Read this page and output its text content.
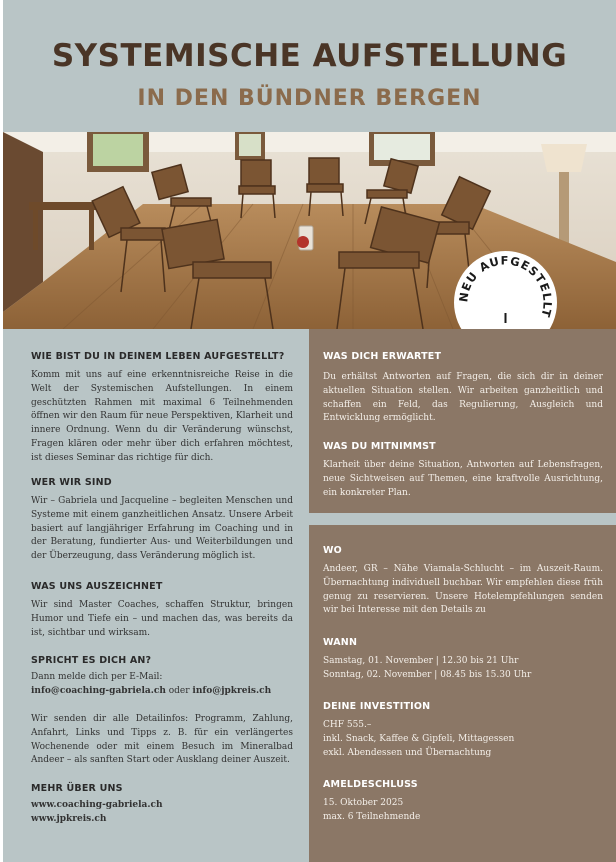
SYSTEMISCHE AUFSTELLUNG
IN DEN BÜNDNER BERGEN
NEU AUFGESTELLT
WIE BIST DU IN DEINEM LEBEN AUFGESTELLT?
Komm mit uns auf eine erkenntnisreiche Reise in die Welt der Systemischen Aufstellungen. In einem geschützten Rahmen mit maximal 6 Teilnehmenden öffnen wir den Raum für neue Perspektiven, Klarheit und innere Ordnung. Wenn du dir Veränderung wünschst, Fragen klären oder mehr über dich erfahren möchtest, ist dieses Seminar das richtige für dich.
WER WIR SIND
Wir – Gabriela und Jacqueline – begleiten Menschen und Systeme mit einem ganzheitlichen Ansatz. Unsere Arbeit basiert auf langjähriger Erfahrung im Coaching und in der Beratung, fundierter Aus- und Weiterbildungen und der Überzeugung, dass Veränderung möglich ist.
WAS UNS AUSZEICHNET
Wir sind Master Coaches, schaffen Struktur, bringen Humor und Tiefe ein – und machen das, was bereits da ist, sichtbar und wirksam.
SPRICHT ES DICH AN?
Dann melde dich per E-Mail:
info@coaching-gabriela.ch oder info@jpkreis.ch
Wir senden dir alle Detailinfos: Programm, Zahlung, Anfahrt, Links und Tipps z. B. für ein verlängertes Wochenende oder mit einem Besuch im Mineralbad Andeer – als sanften Start oder Ausklang deiner Auszeit.
MEHR ÜBER UNS
www.coaching-gabriela.ch
www.jpkreis.ch
WAS DICH ERWARTET
Du erhältst Antworten auf Fragen, die sich dir in deiner aktuellen Situation stellen. Wir arbeiten ganzheitlich und schaffen ein Feld, das Regulierung, Ausgleich und Entwicklung ermöglicht.
WAS DU MITNIMMST
Klarheit über deine Situation, Antworten auf Lebensfragen, neue Sichtweisen auf Themen, eine kraftvolle Ausrichtung, ein konkreter Plan.
WO
Andeer, GR – Nähe Viamala-Schlucht – im Auszeit-Raum. Übernachtung individuell buchbar. Wir empfehlen diese früh genug zu reservieren. Unsere Hotelempfehlungen senden wir bei Interesse mit den Details zu
WANN
Samstag, 01. November | 12.30 bis 21 Uhr
Sonntag, 02. November | 08.45 bis 15.30 Uhr
DEINE INVESTITION
CHF 555.–
inkl. Snack, Kaffee & Gipfeli, Mittagessen
exkl. Abendessen und Übernachtung
AMELDESCHLUSS
15. Oktober 2025
max. 6 Teilnehmende
